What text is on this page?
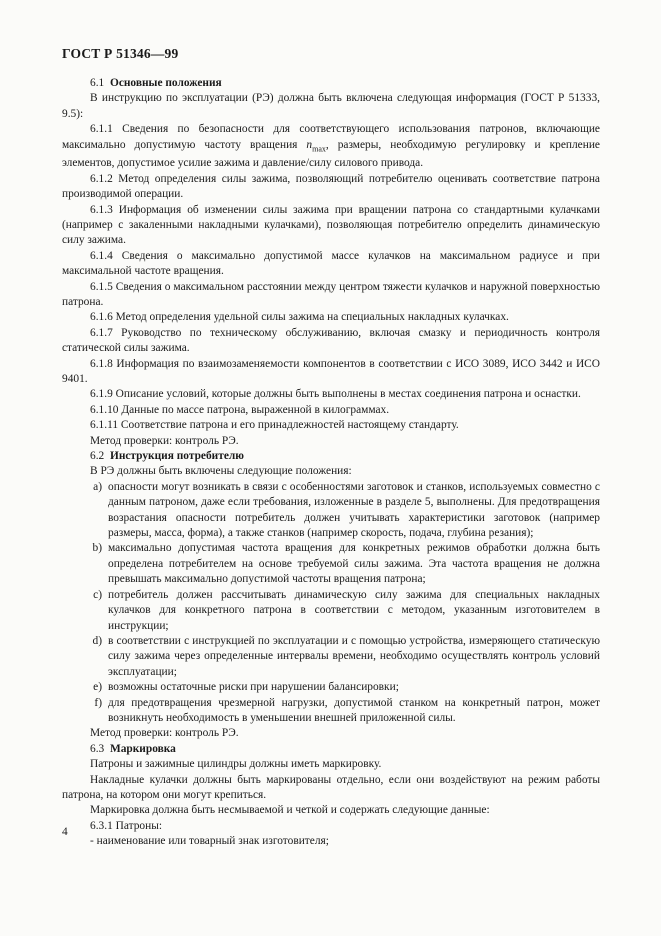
ГОСТ Р 51346—99

6.1 Основные положения

В инструкцию по эксплуатации (РЭ) должна быть включена следующая информация (ГОСТ Р 51333, 9.5):

6.1.1 Сведения по безопасности для соответствующего использования патронов, включающие максимально допустимую частоту вращения $n_{max}$, размеры, необходимую регулировку и крепление элементов, допустимое усилие зажима и давление/силу силового привода.

6.1.2 Метод определения силы зажима, позволяющий потребителю оценивать соответствие патрона производимой операции.

6.1.3 Информация об изменении силы зажима при вращении патрона со стандартными кулачками (например с закаленными накладными кулачками), позволяющая потребителю определить динамическую силу зажима.

6.1.4 Сведения о максимально допустимой массе кулачков на максимальном радиусе и при максимальной частоте вращения.

6.1.5 Сведения о максимальном расстоянии между центром тяжести кулачков и наружной поверхностью патрона.

6.1.6 Метод определения удельной силы зажима на специальных накладных кулачках.

6.1.7 Руководство по техническому обслуживанию, включая смазку и периодичность контроля статической силы зажима.

6.1.8 Информация по взаимозаменяемости компонентов в соответствии с ИСО 3089, ИСО 3442 и ИСО 9401.

6.1.9 Описание условий, которые должны быть выполнены в местах соединения патрона и оснастки.

6.1.10 Данные по массе патрона, выраженной в килограммах.

6.1.11 Соответствие патрона и его принадлежностей настоящему стандарту.

Метод проверки: контроль РЭ.

6.2 Инструкция потребителю

В РЭ должны быть включены следующие положения:

a) опасности могут возникать в связи с особенностями заготовок и станков, используемых совместно с данным патроном, даже если требования, изложенные в разделе 5, выполнены. Для предотвращения возрастания опасности потребитель должен учитывать характеристики заготовок (например размеры, масса, форма), а также станков (например скорость, подача, глубина резания);
b) максимально допустимая частота вращения для конкретных режимов обработки должна быть определена потребителем на основе требуемой силы зажима. Эта частота вращения не должна превышать максимально допустимой частоты вращения патрона;
c) потребитель должен рассчитывать динамическую силу зажима для специальных накладных кулачков для конкретного патрона в соответствии с методом, указанным изготовителем в инструкции;
d) в соответствии с инструкцией по эксплуатации и с помощью устройства, измеряющего статическую силу зажима через определенные интервалы времени, необходимо осуществлять контроль условий эксплуатации;
e) возможны остаточные риски при нарушении балансировки;
f) для предотвращения чрезмерной нагрузки, допустимой станком на конкретный патрон, может возникнуть необходимость в уменьшении внешней приложенной силы.

Метод проверки: контроль РЭ.

6.3 Маркировка

Патроны и зажимные цилиндры должны иметь маркировку.

Накладные кулачки должны быть маркированы отдельно, если они воздействуют на режим работы патрона, на котором они могут крепиться.

Маркировка должна быть несмываемой и четкой и содержать следующие данные:

6.3.1 Патроны:

- наименование или товарный знак изготовителя;

4
